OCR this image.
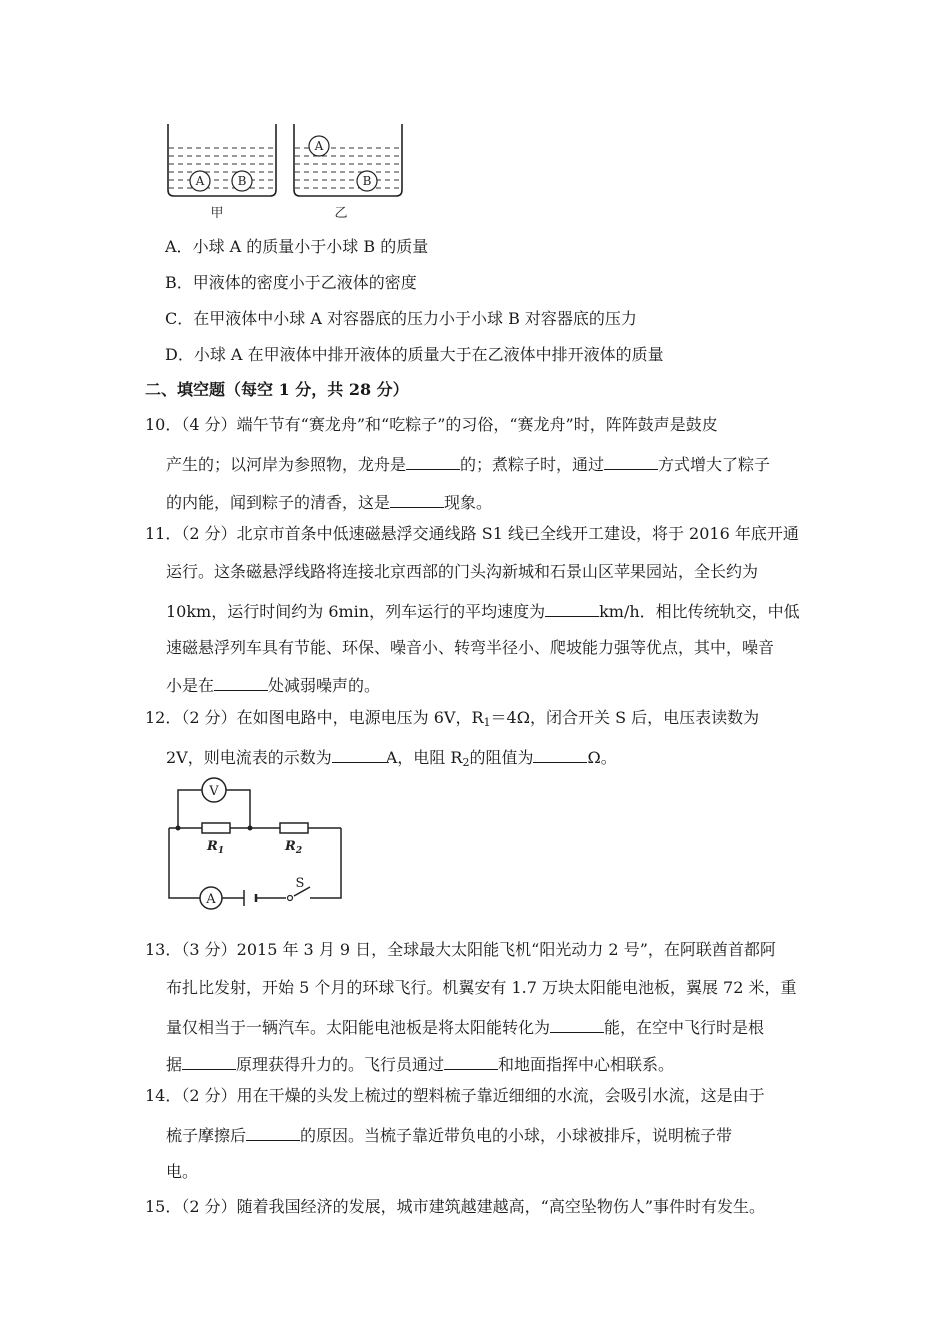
A	B
A
B
甲	乙
A．小球 A 的质量小于小球 B 的质量
B．甲液体的密度小于乙液体的密度
C．在甲液体中小球 A 对容器底的压力小于小球 B 对容器底的压力
D．小球 A 在甲液体中排开液体的质量大于在乙液体中排开液体的质量
二、填空题（每空 1 分，共 28 分）
10．（4 分）端午节有“赛龙舟”和“吃粽子”的习俗，“赛龙舟”时，阵阵鼓声是鼓皮
产生的；以河岸为参照物，龙舟是	的；煮粽子时，通过	方式增大了粽子
的内能，闻到粽子的清香，这是	现象。
11．（2 分）北京市首条中低速磁悬浮交通线路 S1 线已全线开工建设，将于 2016 年底开通
运行。这条磁悬浮线路将连接北京西部的门头沟新城和石景山区苹果园站，全长约为
10km，运行时间约为 6min，列车运行的平均速度为	km/h．相比传统轨交，中低
速磁悬浮列车具有节能、环保、噪音小、转弯半径小、爬坡能力强等优点，其中，噪音
小是在	处减弱噪声的。
12．（2 分）在如图电路中，电源电压为 6V，$R_1=4\Omega$，闭合开关 S 后，电压表读数为
2V，则电流表的示数为	A，电阻 $R_2$的阻值为	Ω。
V
A
S
$R_1$	$R_2$
13．（3 分）2015 年 3 月 9 日，全球最大太阳能飞机“阳光动力 2 号”，在阿联酋首都阿
布扎比发射，开始 5 个月的环球飞行。机翼安有 1.7 万块太阳能电池板，翼展 72 米，重
量仅相当于一辆汽车。太阳能电池板是将太阳能转化为	能，在空中飞行时是根
据	原理获得升力的。飞行员通过	和地面指挥中心相联系。
14．（2 分）用在干燥的头发上梳过的塑料梳子靠近细细的水流，会吸引水流，这是由于
梳子摩擦后	的原因。当梳子靠近带负电的小球，小球被排斥，说明梳子带
电。
15．（2 分）随着我国经济的发展，城市建筑越建越高，“高空坠物伤人”事件时有发生。
